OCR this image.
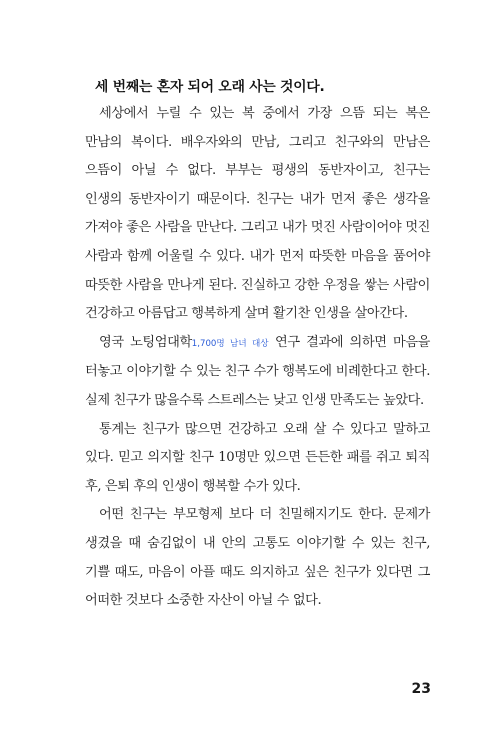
세 번째는 혼자 되어 오래 사는 것이다.

세상에서 누릴 수 있는 복 중에서 가장 으뜸 되는 복은 만남의 복이다. 배우자와의 만남, 그리고 친구와의 만남은 으뜸이 아닐 수 없다. 부부는 평생의 동반자이고, 친구는 인생의 동반자이기 때문이다. 친구는 내가 먼저 좋은 생각을 가져야 좋은 사람을 만난다. 그리고 내가 멋진 사람이어야 멋진 사람과 함께 어울릴 수 있다. 내가 먼저 따뜻한 마음을 품어야 따뜻한 사람을 만나게 된다. 진실하고 강한 우정을 쌓는 사람이 건강하고 아름답고 행복하게 살며 활기찬 인생을 살아간다.

영국 노팅엄대학1,700명 남녀 대상 연구 결과에 의하면 마음을 터놓고 이야기할 수 있는 친구 수가 행복도에 비례한다고 한다. 실제 친구가 많을수록 스트레스는 낮고 인생 만족도는 높았다.

통계는 친구가 많으면 건강하고 오래 살 수 있다고 말하고 있다. 믿고 의지할 친구 10명만 있으면 든든한 패를 쥐고 퇴직 후, 은퇴 후의 인생이 행복할 수가 있다.

어떤 친구는 부모형제 보다 더 친밀해지기도 한다. 문제가 생겼을 때 숨김없이 내 안의 고통도 이야기할 수 있는 친구, 기쁠 때도, 마음이 아플 때도 의지하고 싶은 친구가 있다면 그 어떠한 것보다 소중한 자산이 아닐 수 없다.

23
